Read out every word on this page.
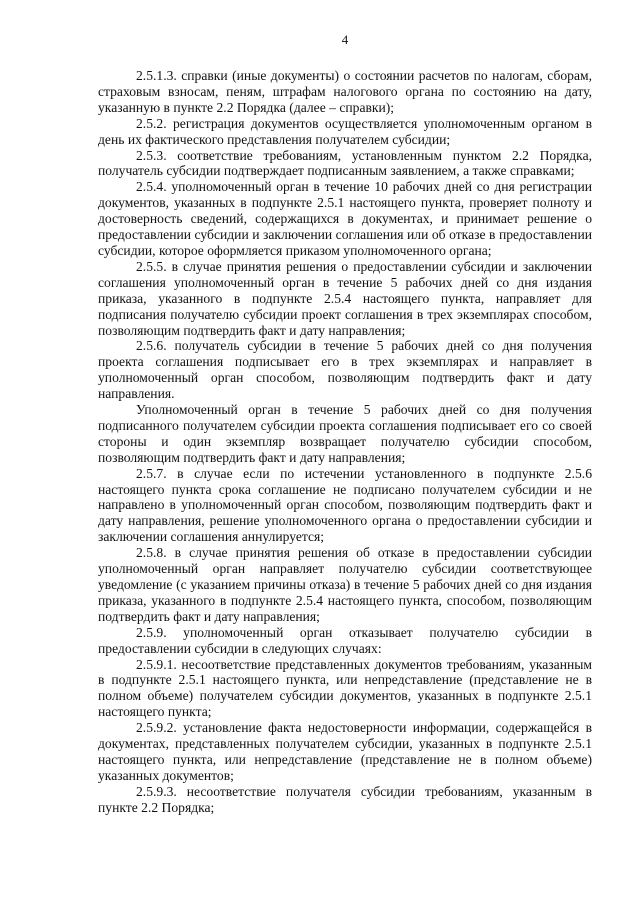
4

2.5.1.3. справки (иные документы) о состоянии расчетов по налогам, сборам, страховым взносам, пеням, штрафам налогового органа по состоянию на дату, указанную в пункте 2.2 Порядка (далее – справки);

2.5.2. регистрация документов осуществляется уполномоченным органом в день их фактического представления получателем субсидии;

2.5.3. соответствие требованиям, установленным пунктом 2.2 Порядка, получатель субсидии подтверждает подписанным заявлением, а также справками;

2.5.4. уполномоченный орган в течение 10 рабочих дней со дня регистрации документов, указанных в подпункте 2.5.1 настоящего пункта, проверяет полноту и достоверность сведений, содержащихся в документах, и принимает решение о предоставлении субсидии и заключении соглашения или об отказе в предоставлении субсидии, которое оформляется приказом уполномоченного органа;

2.5.5. в случае принятия решения о предоставлении субсидии и заключении соглашения уполномоченный орган в течение 5 рабочих дней со дня издания приказа, указанного в подпункте 2.5.4 настоящего пункта, направляет для подписания получателю субсидии проект соглашения в трех экземплярах способом, позволяющим подтвердить факт и дату направления;

2.5.6. получатель субсидии в течение 5 рабочих дней со дня получения проекта соглашения подписывает его в трех экземплярах и направляет в уполномоченный орган способом, позволяющим подтвердить факт и дату направления.

Уполномоченный орган в течение 5 рабочих дней со дня получения подписанного получателем субсидии проекта соглашения подписывает его со своей стороны и один экземпляр возвращает получателю субсидии способом, позволяющим подтвердить факт и дату направления;

2.5.7. в случае если по истечении установленного в подпункте 2.5.6 настоящего пункта срока соглашение не подписано получателем субсидии и не направлено в уполномоченный орган способом, позволяющим подтвердить факт и дату направления, решение уполномоченного органа о предоставлении субсидии и заключении соглашения аннулируется;

2.5.8. в случае принятия решения об отказе в предоставлении субсидии уполномоченный орган направляет получателю субсидии соответствующее уведомление (с указанием причины отказа) в течение 5 рабочих дней со дня издания приказа, указанного в подпункте 2.5.4 настоящего пункта, способом, позволяющим подтвердить факт и дату направления;

2.5.9. уполномоченный орган отказывает получателю субсидии в предоставлении субсидии в следующих случаях:

2.5.9.1. несоответствие представленных документов требованиям, указанным в подпункте 2.5.1 настоящего пункта, или непредставление (представление не в полном объеме) получателем субсидии документов, указанных в подпункте 2.5.1 настоящего пункта;

2.5.9.2. установление факта недостоверности информации, содержащейся в документах, представленных получателем субсидии, указанных в подпункте 2.5.1 настоящего пункта, или непредставление (представление не в полном объеме) указанных документов;

2.5.9.3. несоответствие получателя субсидии требованиям, указанным в пункте 2.2 Порядка;
